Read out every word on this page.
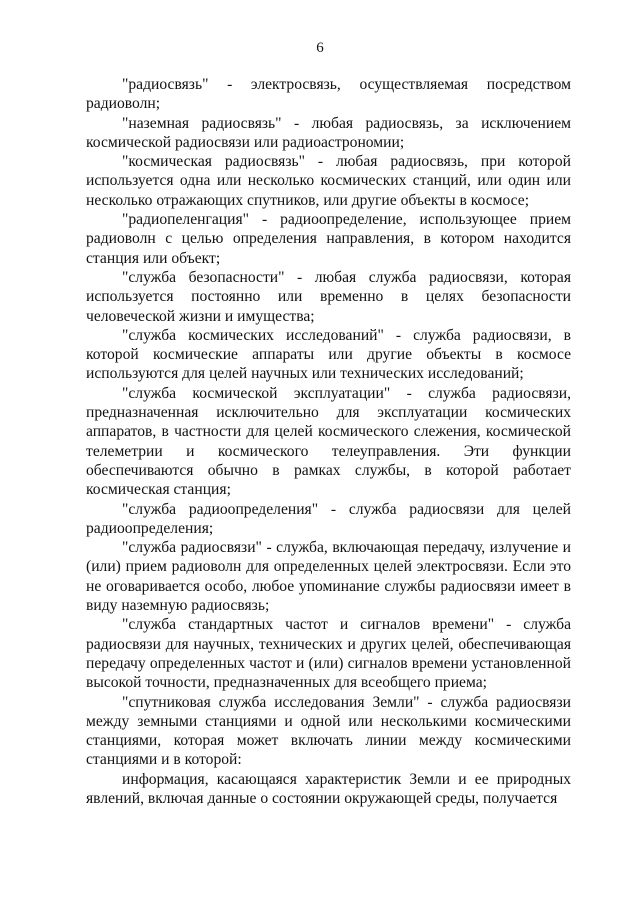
6

"радиосвязь" - электросвязь, осуществляемая посредством радиоволн;

"наземная радиосвязь" - любая радиосвязь, за исключением космической радиосвязи или радиоастрономии;

"космическая радиосвязь" - любая радиосвязь, при которой используется одна или несколько космических станций, или один или несколько отражающих спутников, или другие объекты в космосе;

"радиопеленгация" - радиоопределение, использующее прием радиоволн с целью определения направления, в котором находится станция или объект;

"служба безопасности" - любая служба радиосвязи, которая используется постоянно или временно в целях безопасности человеческой жизни и имущества;

"служба космических исследований" - служба радиосвязи, в которой космические аппараты или другие объекты в космосе используются для целей научных или технических исследований;

"служба космической эксплуатации" - служба радиосвязи, предназначенная исключительно для эксплуатации космических аппаратов, в частности для целей космического слежения, космической телеметрии и космического телеуправления. Эти функции обеспечиваются обычно в рамках службы, в которой работает космическая станция;

"служба радиоопределения" - служба радиосвязи для целей радиоопределения;

"служба радиосвязи" - служба, включающая передачу, излучение и (или) прием радиоволн для определенных целей электросвязи. Если это не оговаривается особо, любое упоминание службы радиосвязи имеет в виду наземную радиосвязь;

"служба стандартных частот и сигналов времени" - служба радиосвязи для научных, технических и других целей, обеспечивающая передачу определенных частот и (или) сигналов времени установленной высокой точности, предназначенных для всеобщего приема;

"спутниковая служба исследования Земли" - служба радиосвязи между земными станциями и одной или несколькими космическими станциями, которая может включать линии между космическими станциями и в которой:

информация, касающаяся характеристик Земли и ее природных явлений, включая данные о состоянии окружающей среды, получается
